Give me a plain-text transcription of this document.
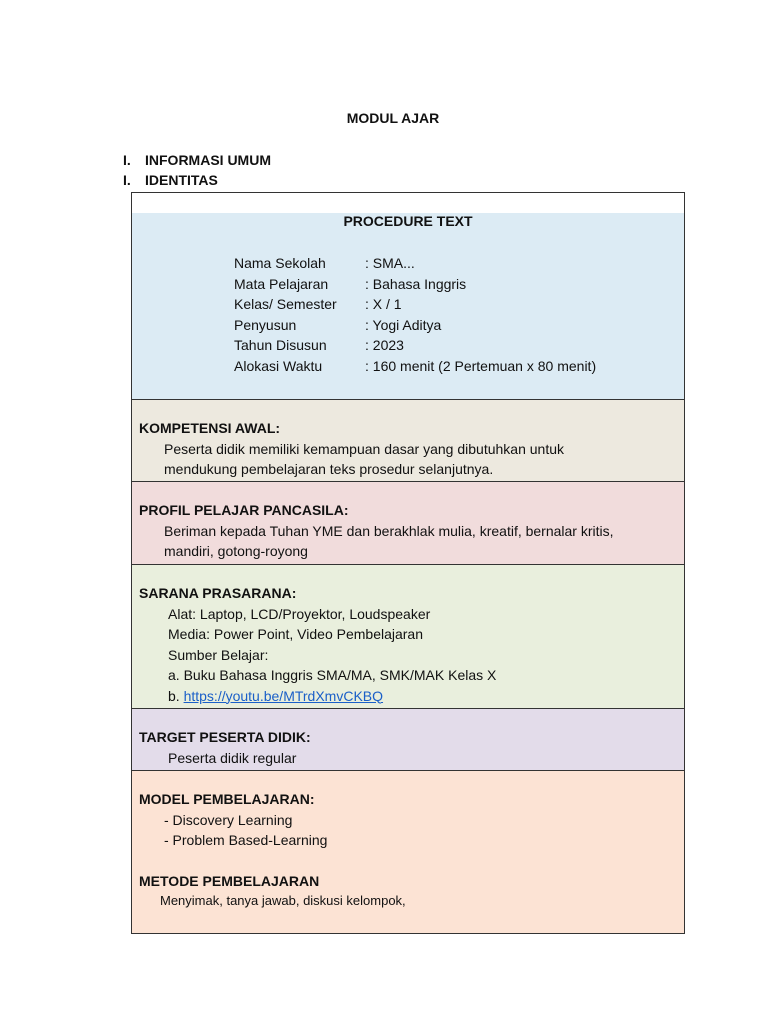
MODUL AJAR
I. INFORMASI UMUM
I. IDENTITAS
PROCEDURE TEXT
Nama Sekolah	: SMA...
Mata Pelajaran	: Bahasa Inggris
Kelas/ Semester : X / 1
Penyusun	: Yogi Aditya
Tahun Disusun	: 2023
Alokasi Waktu	: 160 menit (2 Pertemuan x 80 menit)
KOMPETENSI AWAL:
Peserta didik memiliki kemampuan dasar yang dibutuhkan untuk
mendukung pembelajaran teks prosedur selanjutnya.
PROFIL PELAJAR PANCASILA:
Beriman kepada Tuhan YME dan berakhlak mulia, kreatif, bernalar kritis,
mandiri, gotong-royong
SARANA PRASARANA:
Alat: Laptop, LCD/Proyektor, Loudspeaker
Media: Power Point, Video Pembelajaran
Sumber Belajar:
a. Buku Bahasa Inggris SMA/MA, SMK/MAK Kelas X
b. https://youtu.be/MTrdXmvCKBQ
TARGET PESERTA DIDIK:
Peserta didik regular
MODEL PEMBELAJARAN:
- Discovery Learning
- Problem Based-Learning
METODE PEMBELAJARAN
Menyimak, tanya jawab, diskusi kelompok,
